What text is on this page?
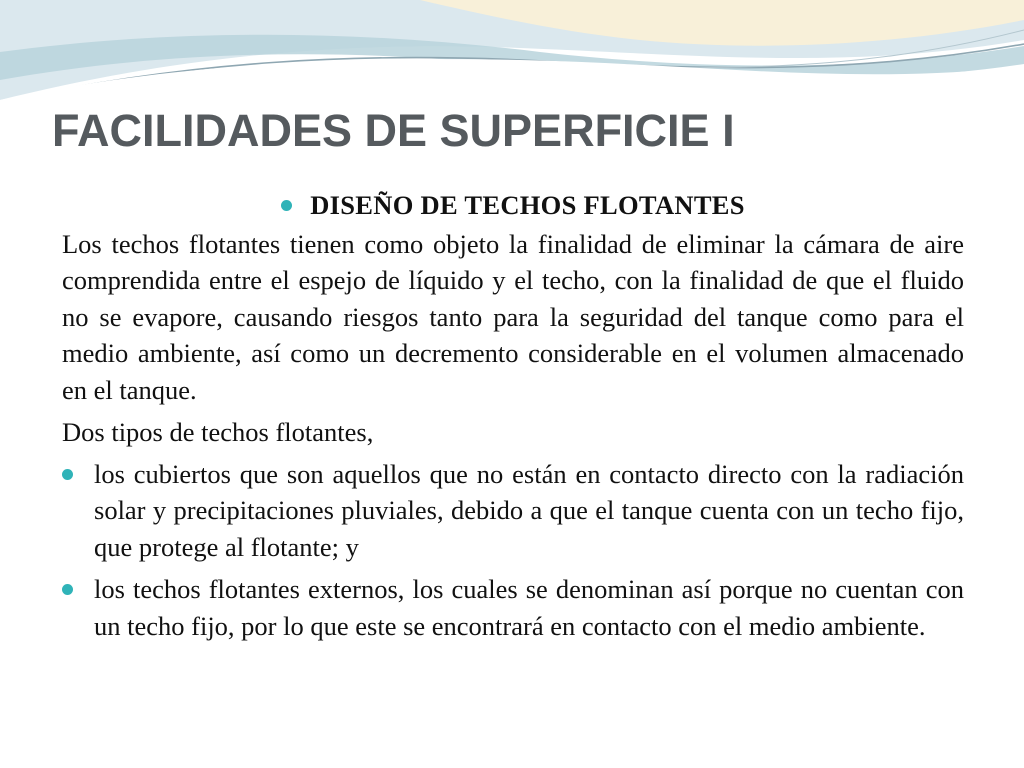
FACILIDADES DE SUPERFICIE I
DISEÑO DE TECHOS FLOTANTES

Los techos flotantes tienen como objeto la finalidad de eliminar la cámara de aire comprendida entre el espejo de líquido y el techo, con la finalidad de que el fluido no se evapore, causando riesgos tanto para la seguridad del tanque como para el medio ambiente, así como un decremento considerable en el volumen almacenado en el tanque.

Dos tipos de techos flotantes,

los cubiertos que son aquellos que no están en contacto directo con la radiación solar y precipitaciones pluviales, debido a que el tanque cuenta con un techo fijo, que protege al flotante; y

los techos flotantes externos, los cuales se denominan así porque no cuentan con un techo fijo, por lo que este se encontrará en contacto con el medio ambiente.
